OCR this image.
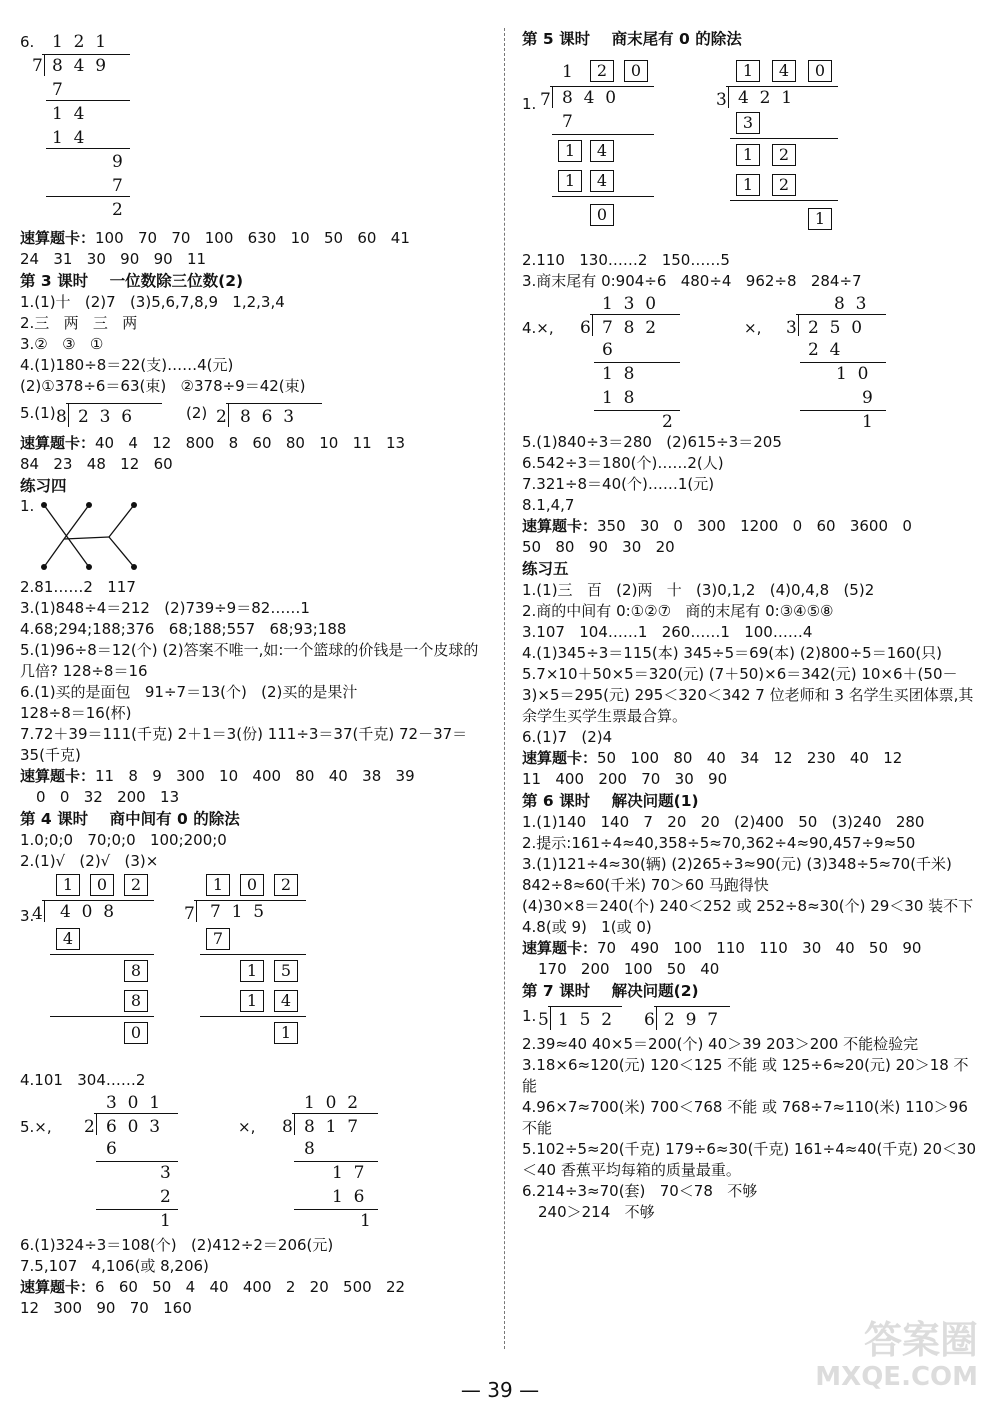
6. 1  2  1
7 8  4  9
7
1  4
1  4
9
7
2
速算题卡：100   70   70   100   630   10   50   60   41
24   31   30   90   90   11
第 3 课时    一位数除三位数(2)
1.(1)十   (2)7   (3)5,6,7,8,9   1,2,3,4
2.三   两   三   两
3.②   ③   ①
4.(1)180÷8＝22(支)……4(元)
(2)①378÷6＝63(束)   ②378÷9＝42(束)
5.(1) 8 2  3  6	(2) 2 8  6  3
速算题卡：40   4   12   800   8   60   80   10   11   13
84   23   48   12   60
练习四
1.
2.81……2   117
3.(1)848÷4＝212   (2)739÷9＝82……1
4.68;294;188;376   68;188;557   68;93;188
5.(1)96÷8＝12(个) (2)答案不唯一,如:一个篮球的价钱是一个皮球的几倍? 128÷8＝16
6.(1)买的是面包   91÷7＝13(个)   (2)买的是果汁
128÷8＝16(杯)
7.72＋39＝111(千克) 2＋1＝3(份) 111÷3＝37(千克) 72－37＝35(千克)
速算题卡：11   8   9   300   10   400   80   40   38   39
0   0   32   200   13
第 4 课时    商中间有 0 的除法
1.0;0;0   70;0;0   100;200;0
2.(1)√   (2)√   (3)×
3.
1	0	2
4 4  0  8
4
8
8
0
1	0	2
7 7  1  5
7
1	5
1	4
1
4.101   304……2
5.×,
3  0  1
2 6  0  3
6
3
2
1
×,
1  0  2
8 8  1  7
8
1  7
1  6
1
6.(1)324÷3＝108(个)   (2)412÷2＝206(元)
7.5,107   4,106(或 8,206)
速算题卡：6   60   50   4   40   400   2   20   500   22
12   300   90   70   160
第 5 课时    商末尾有 0 的除法
1.
1	2	0
7 8  4  0
7
1	4
1	4
0
1	4	0
3 4  2  1
3
1	2
1	2
1
2.110   130……2   150……5
3.商末尾有 0:904÷6   480÷4   962÷8   284÷7
4.×,
1  3  0
6 7  8  2
6
1  8
1  8
2
×,
8  3
3 2  5  0
2  4
1  0
9
1
5.(1)840÷3＝280   (2)615÷3＝205
6.542÷3＝180(个)……2(人)
7.321÷8＝40(个)……1(元)
8.1,4,7
速算题卡：350   30   0   300   1200   0   60   3600   0
50   80   90   30   20
练习五
1.(1)三   百   (2)两   十   (3)0,1,2   (4)0,4,8   (5)2
2.商的中间有 0:①②⑦   商的末尾有 0:③④⑤⑧
3.107   104……1   260……1   100……4
4.(1)345÷3＝115(本) 345÷5＝69(本) (2)800÷5＝160(只)
5.7×10＋50×5＝320(元) (7＋50)×6＝342(元) 10×6＋(50－3)×5＝295(元) 295＜320＜342 7 位老师和 3 名学生买团体票,其余学生买学生票最合算。
6.(1)7   (2)4
速算题卡：50   100   80   40   34   12   230   40   12
11   400   200   70   30   90
第 6 课时    解决问题(1)
1.(1)140   140   7   20   20   (2)400   50   (3)240   280
2.提示:161÷4≈40,358÷5≈70,362÷4≈90,457÷9≈50
3.(1)121÷4≈30(辆) (2)265÷3≈90(元) (3)348÷5≈70(千米) 842÷8≈60(千米) 70＞60 马跑得快
(4)30×8＝240(个) 240＜252 或 252÷8≈30(个) 29＜30 装不下
4.8(或 9)   1(或 0)
速算题卡：70   490   100   110   110   30   40   50   90
170   200   100   50   40
第 7 课时    解决问题(2)
1. 5 1  5  2 6 2  9  7
2.39≈40 40×5＝200(个) 40＞39 203＞200 不能检验完
3.18×6≈120(元) 120＜125 不能 或 125÷6≈20(元) 20＞18 不能
4.96×7≈700(米) 700＜768 不能 或 768÷7≈110(米) 110＞96 不能
5.102÷5≈20(千克) 179÷6≈30(千克) 161÷4≈40(千克) 20＜30＜40 香蕉平均每箱的质量最重。
6.214÷3≈70(套)   70＜78   不够
240＞214   不够
答案圈
MXQE.COM
— 39 —
